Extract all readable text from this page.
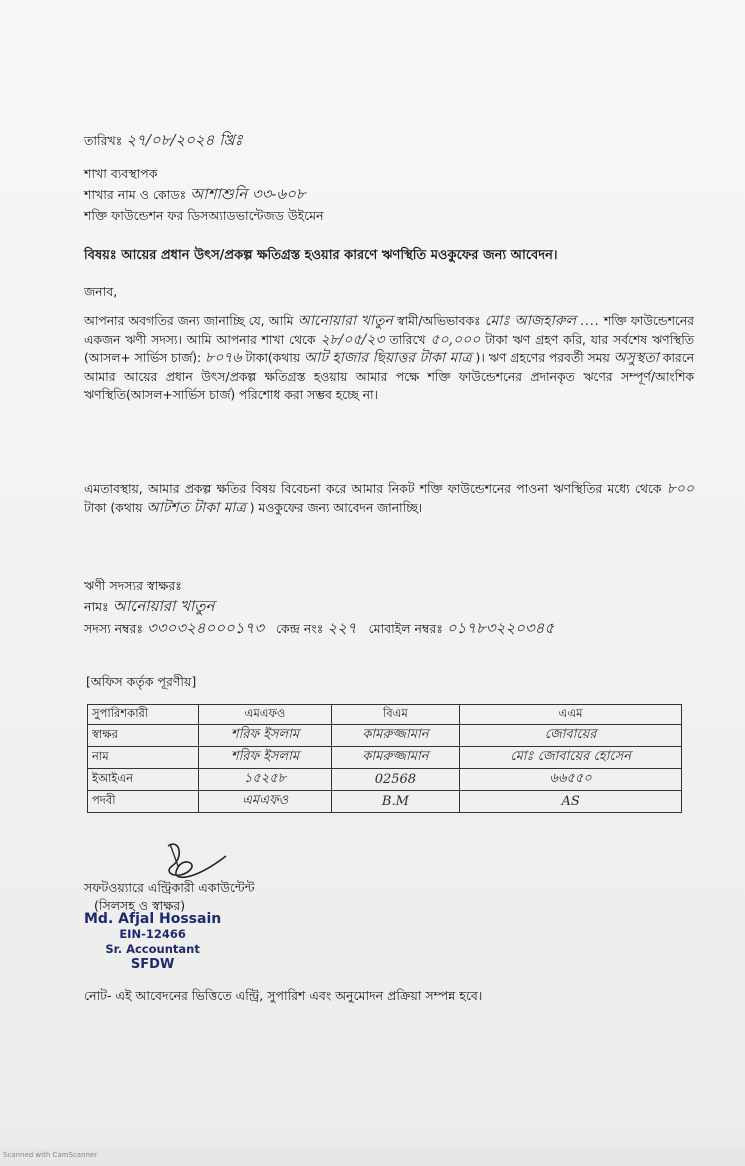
তারিখঃ ২৭/০৮/২০২৪ খ্রিঃ
শাখা ব্যবস্থাপক
শাখার নাম ও কোডঃ আশাশুনি ৩৩-৬০৮
শক্তি ফাউন্ডেশন ফর ডিসঅ্যাডভান্টেজড উইমেন
বিষয়ঃ আয়ের প্রধান উৎস/প্রকল্প ক্ষতিগ্রস্ত হওয়ার কারণে ঋণস্থিতি মওকুফের জন্য আবেদন।
জনাব,
আপনার অবগতির জন্য জানাচ্ছি যে, আমি আনোয়ারা খাতুন স্বামী/অভিভাবকঃ মোঃ আজহারুল .... শক্তি ফাউন্ডেশনের একজন ঋণী সদস্য। আমি আপনার শাখা থেকে ২৮/০৫/২৩ তারিখে ৫০,০০০ টাকা ঋণ গ্রহণ করি, যার সর্বশেষ ঋণস্থিতি (আসল+ সার্ভিস চার্জ): ৮০৭৬ টাকা(কথায় আট হাজার ছিয়াত্তর টাকা মাত্র )। ঋণ গ্রহণের পরবর্তী সময় অসুস্থতা কারনে আমার আয়ের প্রধান উৎস/প্রকল্প ক্ষতিগ্রস্ত হওয়ায় আমার পক্ষে শক্তি ফাউন্ডেশনের প্রদানকৃত ঋণের সম্পূর্ণ/আংশিক ঋণস্থিতি(আসল+সার্ভিস চার্জ) পরিশোধ করা সম্ভব হচ্ছে না।
এমতাবস্থায়, আমার প্রকল্প ক্ষতির বিষয় বিবেচনা করে আমার নিকট শক্তি ফাউন্ডেশনের পাওনা ঋণস্থিতির মধ্যে থেকে ৮০০ টাকা (কথায় আটশত টাকা মাত্র ) মওকুফের জন্য আবেদন জানাচ্ছি।
ঋণী সদস্যর স্বাক্ষরঃ
নামঃ আনোয়ারা খাতুন
সদস্য নম্বরঃ ৩৩০৩২৪০০০১৭৩ কেন্দ্র নংঃ ২২৭ মোবাইল নম্বরঃ ০১৭৮৩২২০৩৪৫
[অফিস কর্তৃক পূরণীয়]
সুপারিশকারী	এমএফও	বিএম	এএম
স্বাক্ষর	শরিফ ইসলাম	কামরুজ্জামান	জোবায়ের
নাম	শরিফ ইসলাম	কামরুজ্জামান	মোঃ জোবায়ের হোসেন
ইআইএন	১৫২৫৮	02568	৬৬৫৫০
পদবী	এমএফও	B.M	AS
সফটওয়্যারে এন্ট্রিকারী একাউন্টেন্ট
(সিলসহ ও স্বাক্ষর)
Md. Afjal Hossain
EIN-12466
Sr. Accountant
SFDW
নোট- এই আবেদনের ভিত্তিতে এন্ট্রি, সুপারিশ এবং অনুমোদন প্রক্রিয়া সম্পন্ন হবে।
Scanned with CamScanner
